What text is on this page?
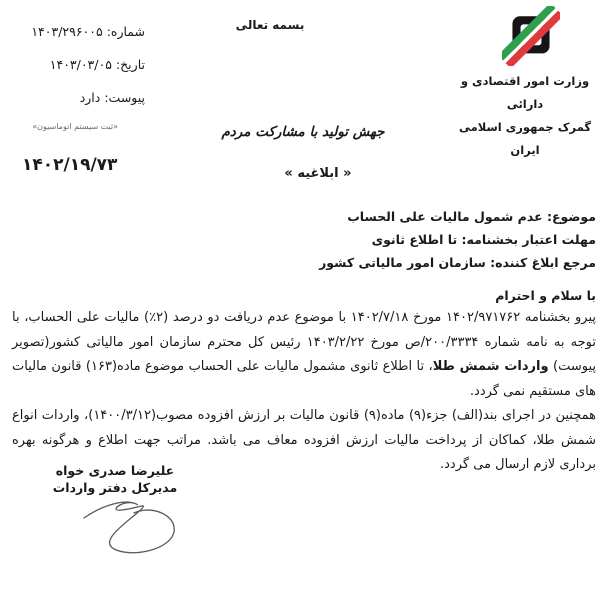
شماره: ۱۴۰۳/۲۹۶۰۰۵
تاریخ: ۱۴۰۳/۰۳/۰۵
پیوست: دارد
«ثبت سیستم اتوماسیون»
بسمه تعالی
وزارت امور اقتصادی و دارائی
گمرک جمهوری اسلامی ایران
جهش تولید با مشارکت مردم
۱۴۰۲/۱۹/۷۳	« ابلاغیه »
موضوع: عدم شمول مالیات علی الحساب
مهلت اعتبار بخشنامه: تا اطلاع ثانوی
مرجع ابلاغ کننده: سازمان امور مالیاتی کشور
با سلام و احترام

پیرو بخشنامه ۱۴۰۲/۹۷۱۷۶۲ مورخ ۱۴۰۲/۷/۱۸ با موضوع عدم دریافت دو درصد (۲٪) مالیات علی الحساب، با توجه به نامه شماره ۲۰۰/۳۳۳۴/ص مورخ ۱۴۰۳/۲/۲۲ رئیس کل محترم سازمان امور مالیاتی کشور(تصویر پیوست) واردات شمش طلا، تا اطلاع ثانوی مشمول مالیات علی الحساب موضوع ماده(۱۶۳) قانون مالیات های مستقیم نمی گردد.

همچنین در اجرای بند(الف) جزء(۹) ماده(۹) قانون مالیات بر ارزش افزوده مصوب(۱۴۰۰/۳/۱۲)، واردات انواع شمش طلا، کماکان از پرداخت مالیات ارزش افزوده معاف می باشد. مراتب جهت اطلاع و هرگونه بهره برداری لازم ارسال می گردد.

علیرضا صدری خواه
مدیرکل دفتر واردات
